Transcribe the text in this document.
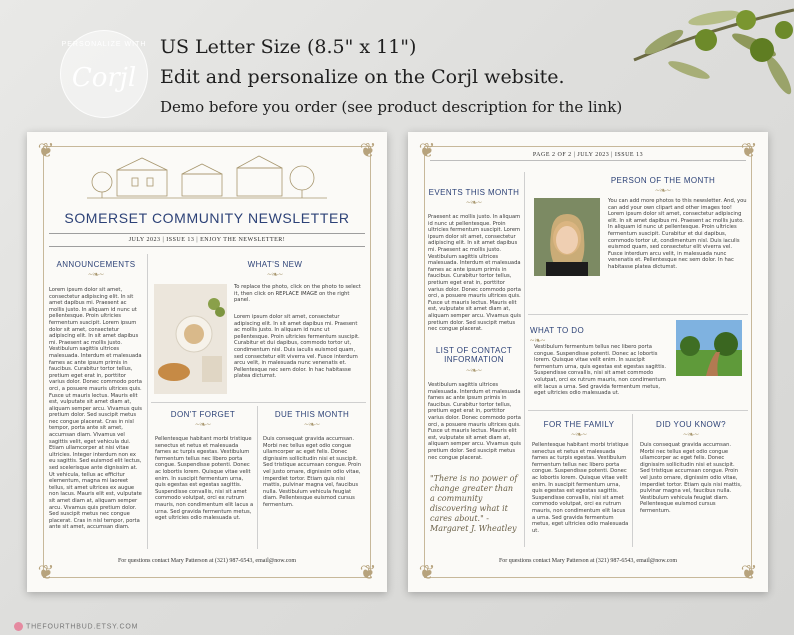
PERSONALIZE WITH
Corjl
US Letter Size (8.5" x 11")
Edit and personalize on the Corjl website.
Demo before you order (see product description for the link)
❦	❦
❦	❦
SOMERSET COMMUNITY NEWSLETTER
JULY 2023 | ISSUE 13 | ENJOY THE NEWSLETTER!
ANNOUNCEMENTS
~❧~
Lorem ipsum dolor sit amet, consectetur adipiscing elit. In sit amet dapibus mi. Praesent ac mollis justo. In aliquam id nunc ut pellentesque. Proin ultricies fermentum suscipit. Lorem ipsum dolor sit amet, consectetur adipiscing elit. In sit amet dapibus mi. Praesent ac mollis justo. Vestibulum sagittis ultrices malesuada. Interdum et malesuada fames ac ante ipsum primis in faucibus. Curabitur tortor tellus, pretium eget erat in, porttitor varius dolor. Donec commodo porta orci, a posuere mauris ultrices quis. Fusce ut mauris lectus. Mauris elit est, vulputate sit amet diam at, aliquam semper arcu. Vivamus quis pretium dolor. Sed suscipit metus nec congue placerat. Cras in nisl tempor, porta ante sit amet, accumsan diam. Vivamus vel sagittis velit, eget vehicula dui. Etiam ullamcorper at nisi vitae ultricies. Integer interdum non ex eu sagittis. Sed euismod elit lectus, sed scelerisque ante dignissim at. Ut vehicula, tellus ac efficitur elementum, magna mi laoreet tellus, sit amet ultrices ex augue non lacus. Mauris elit est, vulputate sit amet diam at, aliquam semper arcu. Vivamus quis pretium dolor. Sed suscipit metus nec congue placerat. Cras in nisl tempor, porta ante sit amet, accumsan diam.
WHAT'S NEW
~❧~
To replace the photo, click on the photo to select it, then click on REPLACE IMAGE on the right panel.
Lorem ipsum dolor sit amet, consectetur adipiscing elit. In sit amet dapibus mi. Praesent ac mollis justo. In aliquam id nunc ut pellentesque. Proin ultricies fermentum suscipit. Curabitur et dui dapibus, commodo tortor ut, condimentum nisl. Duis iaculis euismod quam, sed consectetur elit viverra vel. Fusce interdum arcu velit, in malesuada nunc venenatis et. Pellentesque nec sem dolor. In hac habitasse platea dictumst.
DON'T FORGET
~❧~
Pellentesque habitant morbi tristique senectus et netus et malesuada fames ac turpis egestas. Vestibulum fermentum tellus nec libero porta congue. Suspendisse potenti. Donec ac lobortis lorem. Quisque vitae velit enim. In suscipit fermentum urna, quis egestas est egestas sagittis. Suspendisse convallis, nisi sit amet commodo volutpat, orci ex rutrum mauris, non condimentum elit lacus a urna. Sed gravida fermentum metus, eget ultricies odio malesuada ut.
DUE THIS MONTH
~❧~
Duis consequat gravida accumsan. Morbi nec tellus eget odio congue ullamcorper ac eget felis. Donec dignissim sollicitudin nisi et suscipit. Sed tristique accumsan congue. Proin vel justo ornare, dignissim odio vitae, imperdiet tortor. Etiam quis nisi mattis, pulvinar magna vel, faucibus nulla. Vestibulum vehicula feugiat diam. Pellentesque euismod cursus fermentum.
For questions contact Mary Patterson at (321) 987-6543, email@now.com
❦	❦
❦	❦
PAGE 2 OF 2 | JULY 2023 | ISSUE 13
EVENTS THIS MONTH
~❧~
Praesent ac mollis justo. In aliquam id nunc ut pellentesque. Proin ultricies fermentum suscipit. Lorem ipsum dolor sit amet, consectetur adipiscing elit. In sit amet dapibus mi. Praesent ac mollis justo. Vestibulum sagittis ultrices malesuada. Interdum et malesuada fames ac ante ipsum primis in faucibus. Curabitur tortor tellus, pretium eget erat in, porttitor varius dolor. Donec commodo porta orci, a posuere mauris ultrices quis. Fusce ut mauris lectus. Mauris elit est, vulputate sit amet diam at, aliquam semper arcu. Vivamus quis pretium dolor. Sed suscipit metus nec congue placerat.
LIST OF CONTACT INFORMATION
~❧~
Vestibulum sagittis ultrices malesuada. Interdum et malesuada fames ac ante ipsum primis in faucibus. Curabitur tortor tellus, pretium eget erat in, porttitor varius dolor. Donec commodo porta orci, a posuere mauris ultrices quis. Fusce ut mauris lectus. Mauris elit est, vulputate sit amet diam at, aliquam semper arcu. Vivamus quis pretium dolor. Sed suscipit metus nec congue placerat.
"There is no power of change greater than a community discovering what it cares about." - Margaret J. Wheatley
PERSON OF THE MONTH
~❧~
You can add more photos to this newsletter. And, you can add your own clipart and other images too! Lorem ipsum dolor sit amet, consectetur adipiscing elit. In sit amet dapibus mi. Praesent ac mollis justo. In aliquam id nunc ut pellentesque. Proin ultricies fermentum suscipit. Curabitur et dui dapibus, commodo tortor ut, condimentum nisl. Duis iaculis euismod quam, sed consectetur elit viverra vel. Fusce interdum arcu velit, in malesuada nunc venenatis et. Pellentesque nec sem dolor. In hac habitasse platea dictumst.
WHAT TO DO
~❧~
Vestibulum fermentum tellus nec libero porta congue. Suspendisse potenti. Donec ac lobortis lorem. Quisque vitae velit enim. In suscipit fermentum urna, quis egestas est egestas sagittis. Suspendisse convallis, nisi sit amet commodo volutpat, orci ex rutrum mauris, non condimentum elit lacus a urna. Sed gravida fermentum metus, eget ultricies odio malesuada ut.
FOR THE FAMILY
~❧~
Pellentesque habitant morbi tristique senectus et netus et malesuada fames ac turpis egestas. Vestibulum fermentum tellus nec libero porta congue. Suspendisse potenti. Donec ac lobortis lorem. Quisque vitae velit enim. In suscipit fermentum urna, quis egestas est egestas sagittis. Suspendisse convallis, nisi sit amet commodo volutpat, orci ex rutrum mauris, non condimentum elit lacus a urna. Sed gravida fermentum metus, eget ultricies odio malesuada ut.
DID YOU KNOW?
~❧~
Duis consequat gravida accumsan. Morbi nec tellus eget odio congue ullamcorper ac eget felis. Donec dignissim sollicitudin nisi et suscipit. Sed tristique accumsan congue. Proin vel justo ornare, dignissim odio vitae, imperdiet tortor. Etiam quis nisi mattis, pulvinar magna vel, faucibus nulla. Vestibulum vehicula feugiat diam. Pellentesque euismod cursus fermentum.
For questions contact Mary Patterson at (321) 987-6543, email@now.com
THEFOURTHBUD.ETSY.COM
